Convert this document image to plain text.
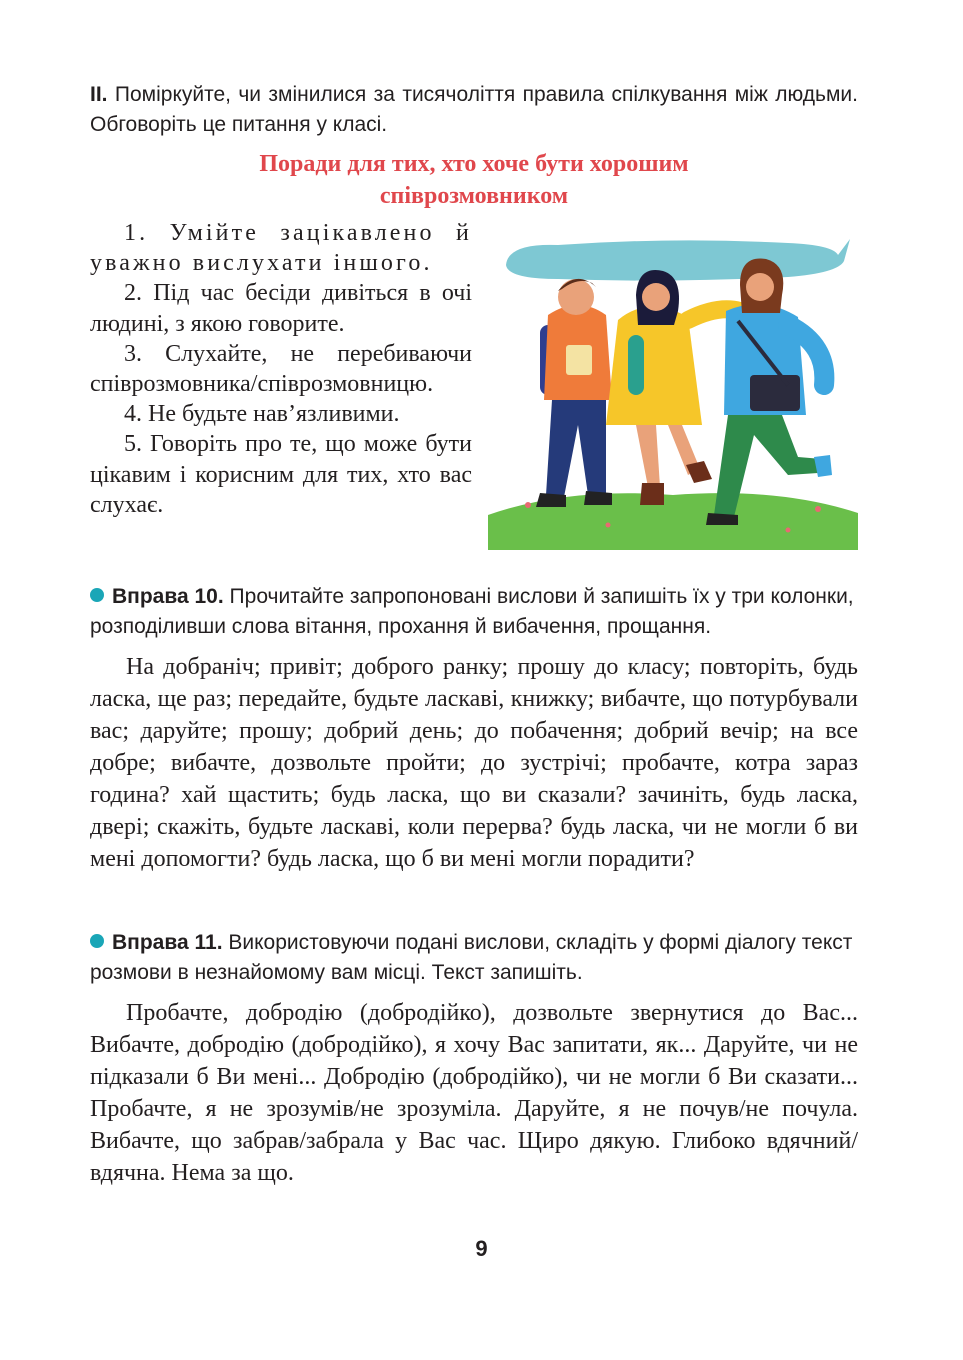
II. Поміркуйте, чи змінилися за тисячоліття правила спілкування між людьми. Обговоріть це питання у класі.
Поради для тих, хто хоче бути хорошим
співрозмовником

1. Умійте зацікавлено й уважно вислухати іншого.

2. Під час бесіди дивіться в очі людині, з якою говорите.

3. Слухайте, не перебиваючи співрозмовника/співрозмовницю.

4. Не будьте нав’язливими.

5. Говоріть про те, що може бути цікавим і корисним для тих, хто вас слухає.

Вправа 10. Прочитайте запропоновані вислови й запишіть їх у три колонки, розподіливши слова вітання, прохання й вибачення, прощання.

На добраніч; привіт; доброго ранку; прошу до класу; повторіть, будь ласка, ще раз; передайте, будьте ласкаві, книжку; вибачте, що потурбували вас; даруйте; прошу; добрий день; до побачення; добрий вечір; на все добре; вибачте, дозвольте пройти; до зустрічі; пробачте, котра зараз година? хай щастить; будь ласка, що ви сказали? зачиніть, будь ласка, двері; скажіть, будьте ласкаві, коли перерва? будь ласка, чи не могли б ви мені допомогти? будь ласка, що б ви мені могли порадити?

Вправа 11. Використовуючи подані вислови, складіть у формі діалогу текст розмови в незнайомому вам місці. Текст запишіть.

Пробачте, добродію (добродійко), дозвольте звернутися до Вас... Вибачте, добродію (добродійко), я хочу Вас запитати, як... Даруйте, чи не підказали б Ви мені... Добродію (добродійко), чи не могли б Ви сказати... Пробачте, я не зрозумів/не зрозуміла. Даруйте, я не почув/не почула. Вибачте, що забрав/забрала у Вас час. Щиро дякую. Глибоко вдячний/вдячна. Нема за що.

9
